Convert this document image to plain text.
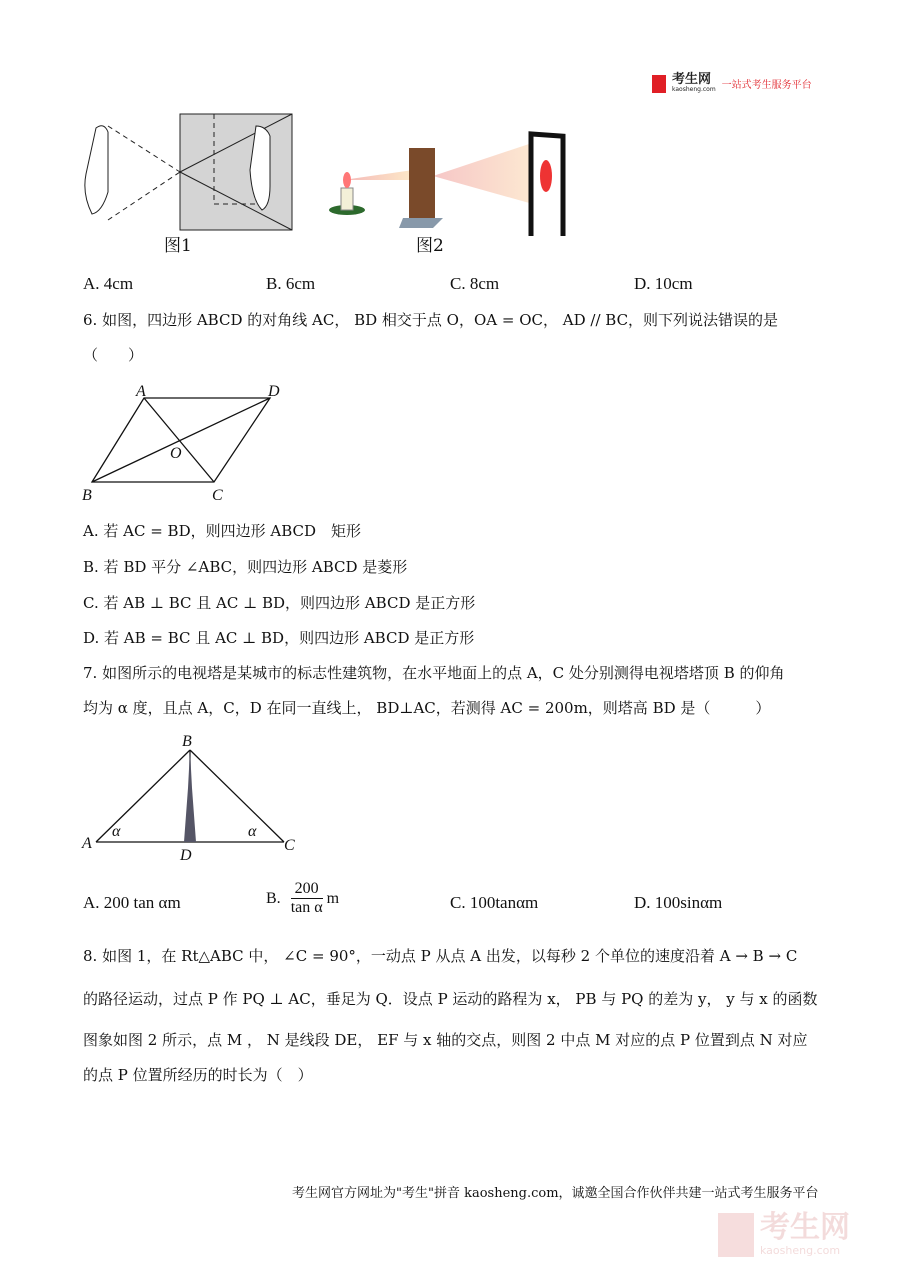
考生网
kaosheng.com 一站式考生服务平台
图1	图2
A. 4cm	B. 6cm	C. 8cm	D. 10cm
6. 如图，四边形 ABCD 的对角线 AC， BD 相交于点 O，OA = OC， AD // BC，则下列说法错误的是
（　　）
A	D
B	C
O
A. 若 AC = BD，则四边形 ABCD　矩形
B. 若 BD 平分 ∠ABC，则四边形 ABCD 是菱形
C. 若 AB ⊥ BC 且 AC ⊥ BD，则四边形 ABCD 是正方形
D. 若 AB = BC 且 AC ⊥ BD，则四边形 ABCD 是正方形
7. 如图所示的电视塔是某城市的标志性建筑物，在水平地面上的点 A，C 处分别测得电视塔塔顶 B 的仰角
均为 α 度，且点 A，C，D 在同一直线上， BD⊥AC，若测得 AC = 200m，则塔高 BD 是（　　　）
B
A	C
D
α	α
A. 200 tan αm	B. $\frac{200}{\text{tan α}}$ m	C. 100tanαm	D. 100sinαm
8. 如图 1，在 Rt△ABC 中， ∠C = 90°，一动点 P 从点 A 出发，以每秒 2 个单位的速度沿着 A → B → C
的路径运动，过点 P 作 PQ ⊥ AC，垂足为 Q．设点 P 运动的路程为 x， PB 与 PQ 的差为 y， y 与 x 的函数
图象如图 2 所示，点 M ， N 是线段 DE， EF 与 x 轴的交点，则图 2 中点 M 对应的点 P 位置到点 N 对应
的点 P 位置所经历的时长为（　）
考生网官方网址为"考生"拼音 kaosheng.com，诚邀全国合作伙伴共建一站式考生服务平台
考生网
kaosheng.com
